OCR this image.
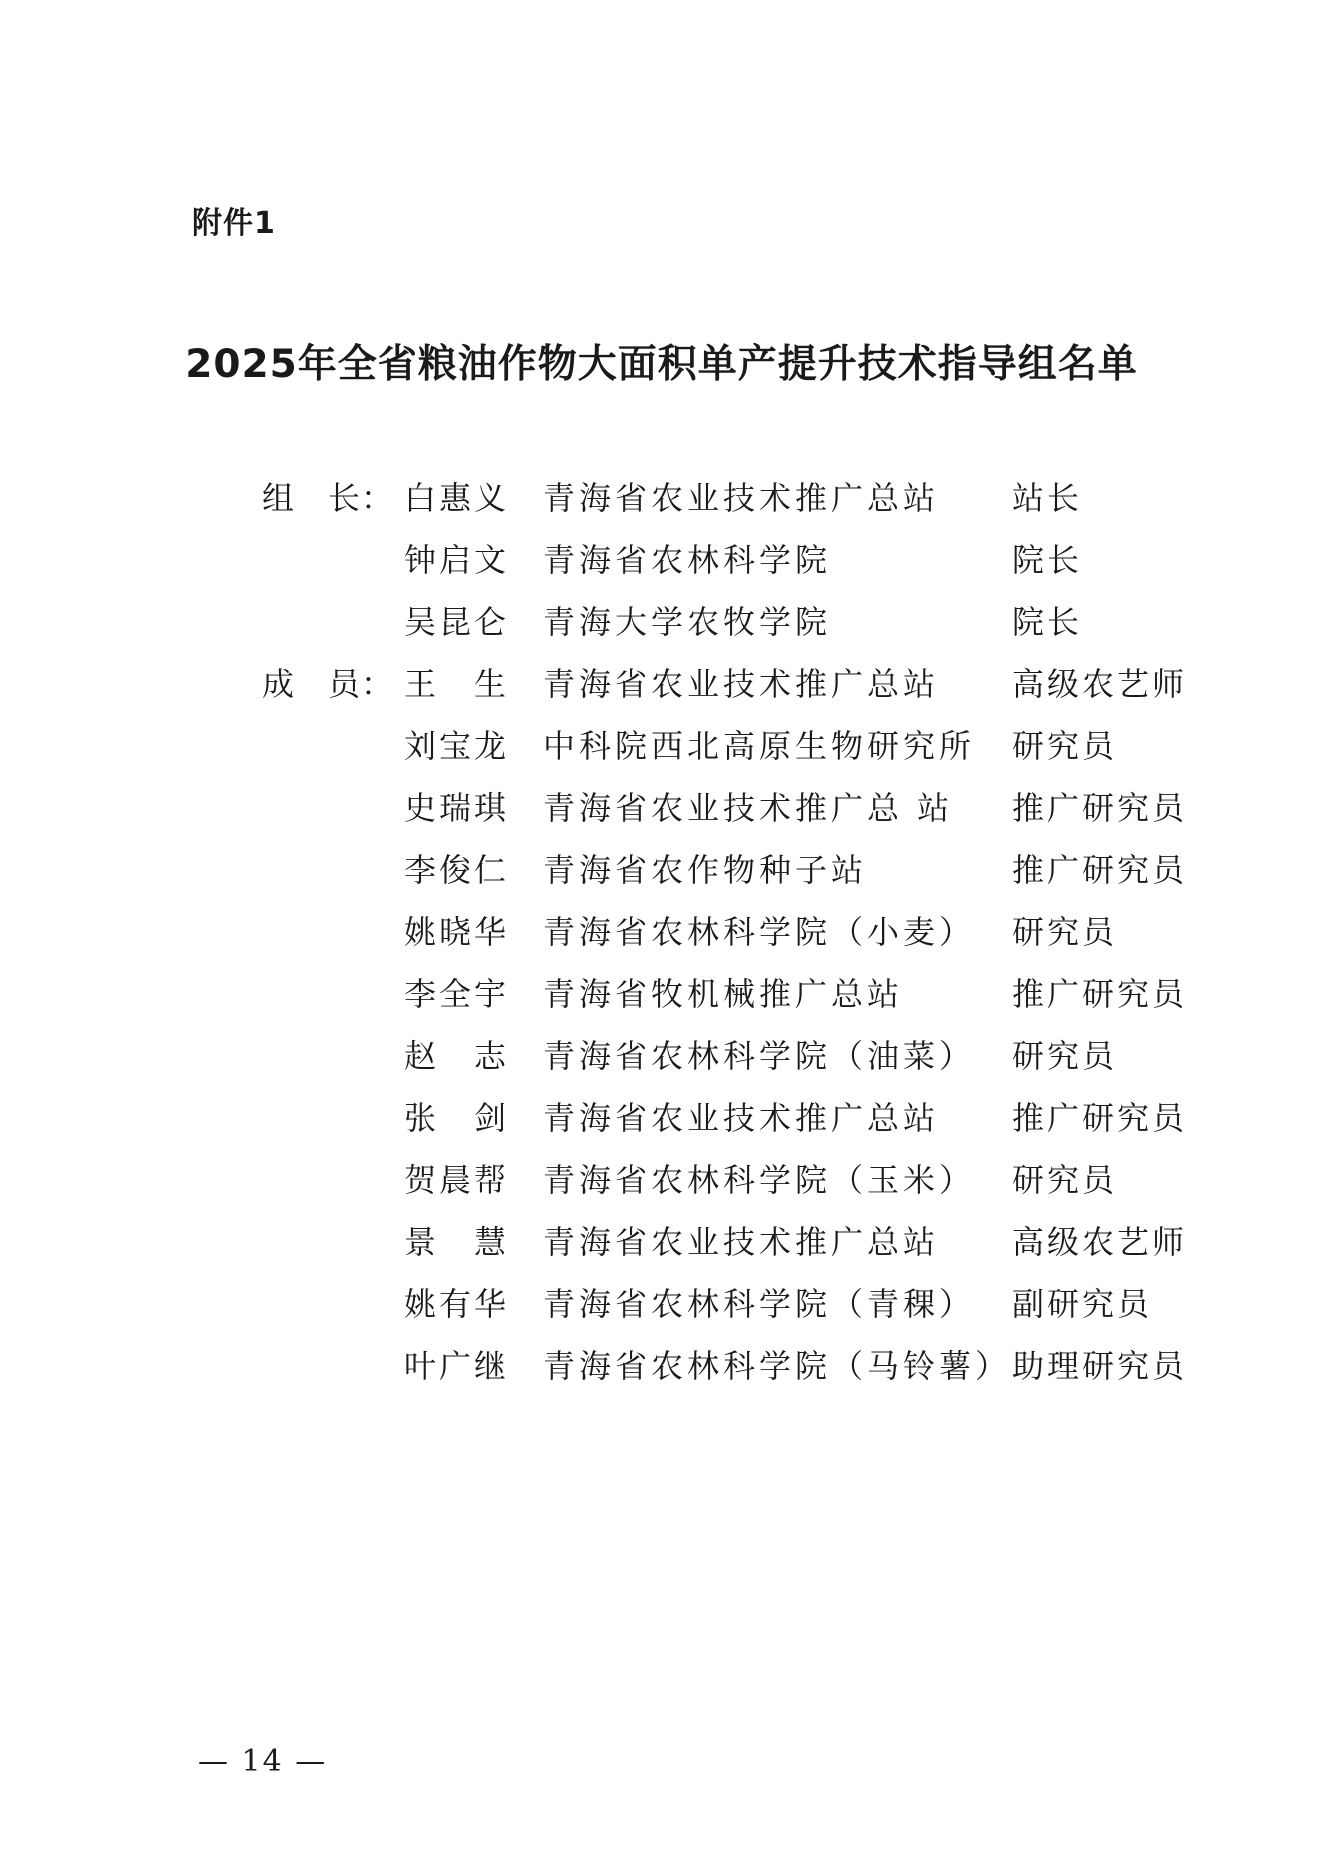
附件1
2025年全省粮油作物大面积单产提升技术指导组名单
组　长： 白惠义 青海省农业技术推广总站 站长
钟启文 青海省农林科学院	院长
吴昆仑 青海大学农牧学院	院长
成　员： 王　生 青海省农业技术推广总站 高级农艺师
刘宝龙 中科院西北高原生物研究所 研究员
史瑞琪 青海省农业技术推广总 站 推广研究员
李俊仁 青海省农作物种子站	推广研究员
姚晓华 青海省农林科学院（小麦） 研究员
李全宇 青海省牧机械推广总站	推广研究员
赵　志 青海省农林科学院（油菜） 研究员
张　剑 青海省农业技术推广总站 推广研究员
贺晨帮 青海省农林科学院（玉米） 研究员
景　慧 青海省农业技术推广总站 高级农艺师
姚有华 青海省农林科学院（青稞） 副研究员
叶广继 青海省农林科学院（马铃薯） 助理研究员
— 14 —
